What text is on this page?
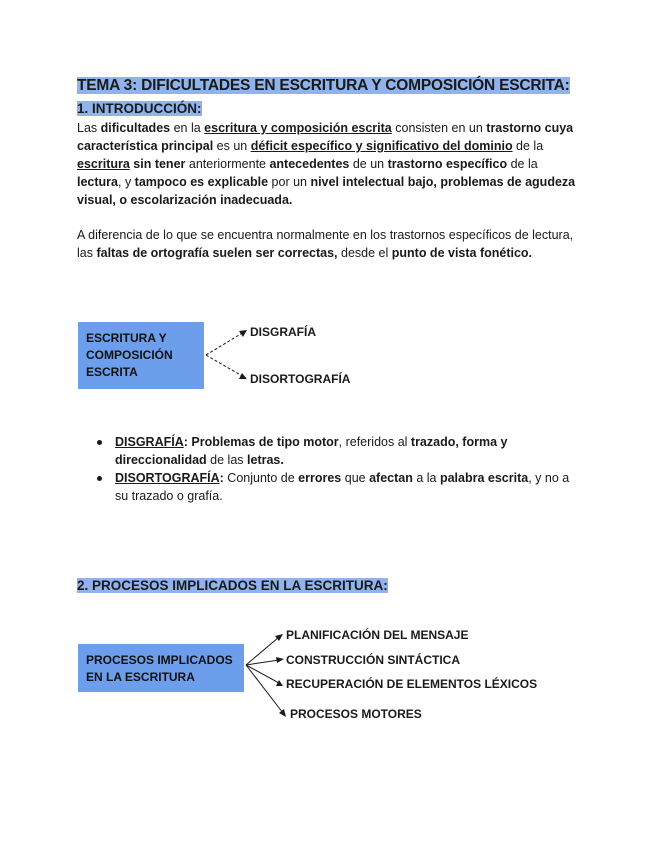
TEMA 3: DIFICULTADES EN ESCRITURA Y COMPOSICIÓN ESCRITA:
1. INTRODUCCIÓN:
Las dificultades en la escritura y composición escrita consisten en un trastorno cuya característica principal es un déficit específico y significativo del dominio de la escritura sin tener anteriormente antecedentes de un trastorno específico de la lectura, y tampoco es explicable por un nivel intelectual bajo, problemas de agudeza visual, o escolarización inadecuada.
A diferencia de lo que se encuentra normalmente en los trastornos específicos de lectura, las faltas de ortografía suelen ser correctas, desde el punto de vista fonético.
ESCRITURA Y COMPOSICIÓN ESCRITA
DISGRAFÍA
DISORTOGRAFÍA
DISGRAFÍA: Problemas de tipo motor, referidos al trazado, forma y direccionalidad de las letras.
DISORTOGRAFÍA: Conjunto de errores que afectan a la palabra escrita, y no a su trazado o grafía.
2. PROCESOS IMPLICADOS EN LA ESCRITURA:
PROCESOS IMPLICADOS EN LA ESCRITURA
PLANIFICACIÓN DEL MENSAJE
CONSTRUCCIÓN SINTÁCTICA
RECUPERACIÓN DE ELEMENTOS LÉXICOS
PROCESOS MOTORES
